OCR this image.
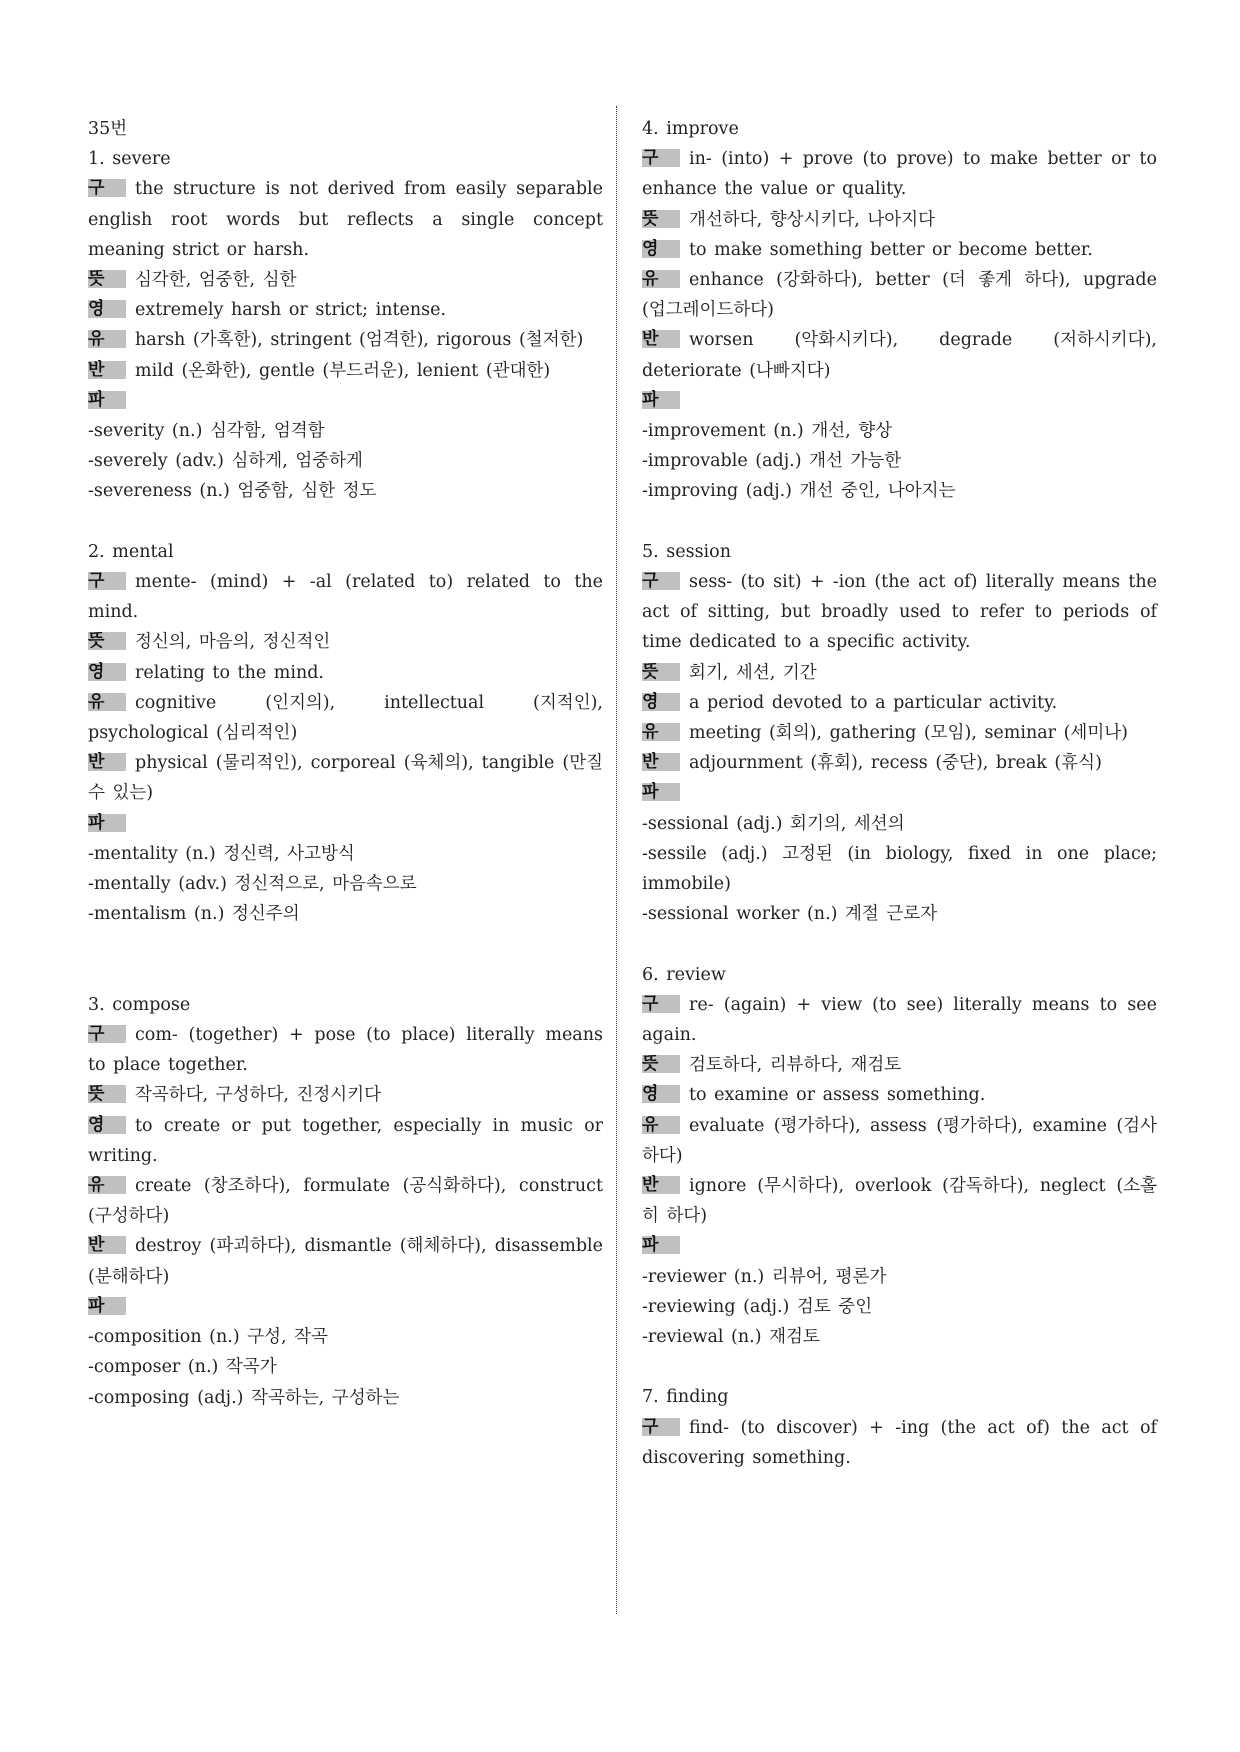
35번
1. severe
구 the structure is not derived from easily separable english root words but reflects a single concept meaning strict or harsh.
뜻 심각한, 엄중한, 심한
영 extremely harsh or strict; intense.
유 harsh (가혹한), stringent (엄격한), rigorous (철저한)
반 mild (온화한), gentle (부드러운), lenient (관대한)
파
-severity (n.) 심각함, 엄격함
-severely (adv.) 심하게, 엄중하게
-severeness (n.) 엄중함, 심한 정도
2. mental
구 mente- (mind) + -al (related to) related to the mind.
뜻 정신의, 마음의, 정신적인
영 relating to the mind.
유 cognitive (인지의), intellectual (지적인), psychological (심리적인)
반 physical (물리적인), corporeal (육체의), tangible (만질 수 있는)
파
-mentality (n.) 정신력, 사고방식
-mentally (adv.) 정신적으로, 마음속으로
-mentalism (n.) 정신주의
3. compose
구 com- (together) + pose (to place) literally means to place together.
뜻 작곡하다, 구성하다, 진정시키다
영 to create or put together, especially in music or writing.
유 create (창조하다), formulate (공식화하다), construct (구성하다)
반 destroy (파괴하다), dismantle (해체하다), disassemble (분해하다)
파
-composition (n.) 구성, 작곡
-composer (n.) 작곡가
-composing (adj.) 작곡하는, 구성하는
4. improve
구 in- (into) + prove (to prove) to make better or to enhance the value or quality.
뜻 개선하다, 향상시키다, 나아지다
영 to make something better or become better.
유 enhance (강화하다), better (더 좋게 하다), upgrade (업그레이드하다)
반 worsen (악화시키다), degrade (저하시키다), deteriorate (나빠지다)
파
-improvement (n.) 개선, 향상
-improvable (adj.) 개선 가능한
-improving (adj.) 개선 중인, 나아지는
5. session
구 sess- (to sit) + -ion (the act of) literally means the act of sitting, but broadly used to refer to periods of time dedicated to a specific activity.
뜻 회기, 세션, 기간
영 a period devoted to a particular activity.
유 meeting (회의), gathering (모임), seminar (세미나)
반 adjournment (휴회), recess (중단), break (휴식)
파
-sessional (adj.) 회기의, 세션의
-sessile (adj.) 고정된 (in biology, fixed in one place; immobile)
-sessional worker (n.) 계절 근로자
6. review
구 re- (again) + view (to see) literally means to see again.
뜻 검토하다, 리뷰하다, 재검토
영 to examine or assess something.
유 evaluate (평가하다), assess (평가하다), examine (검사하다)
반 ignore (무시하다), overlook (감독하다), neglect (소홀히 하다)
파
-reviewer (n.) 리뷰어, 평론가
-reviewing (adj.) 검토 중인
-reviewal (n.) 재검토
7. finding
구 find- (to discover) + -ing (the act of) the act of discovering something.
